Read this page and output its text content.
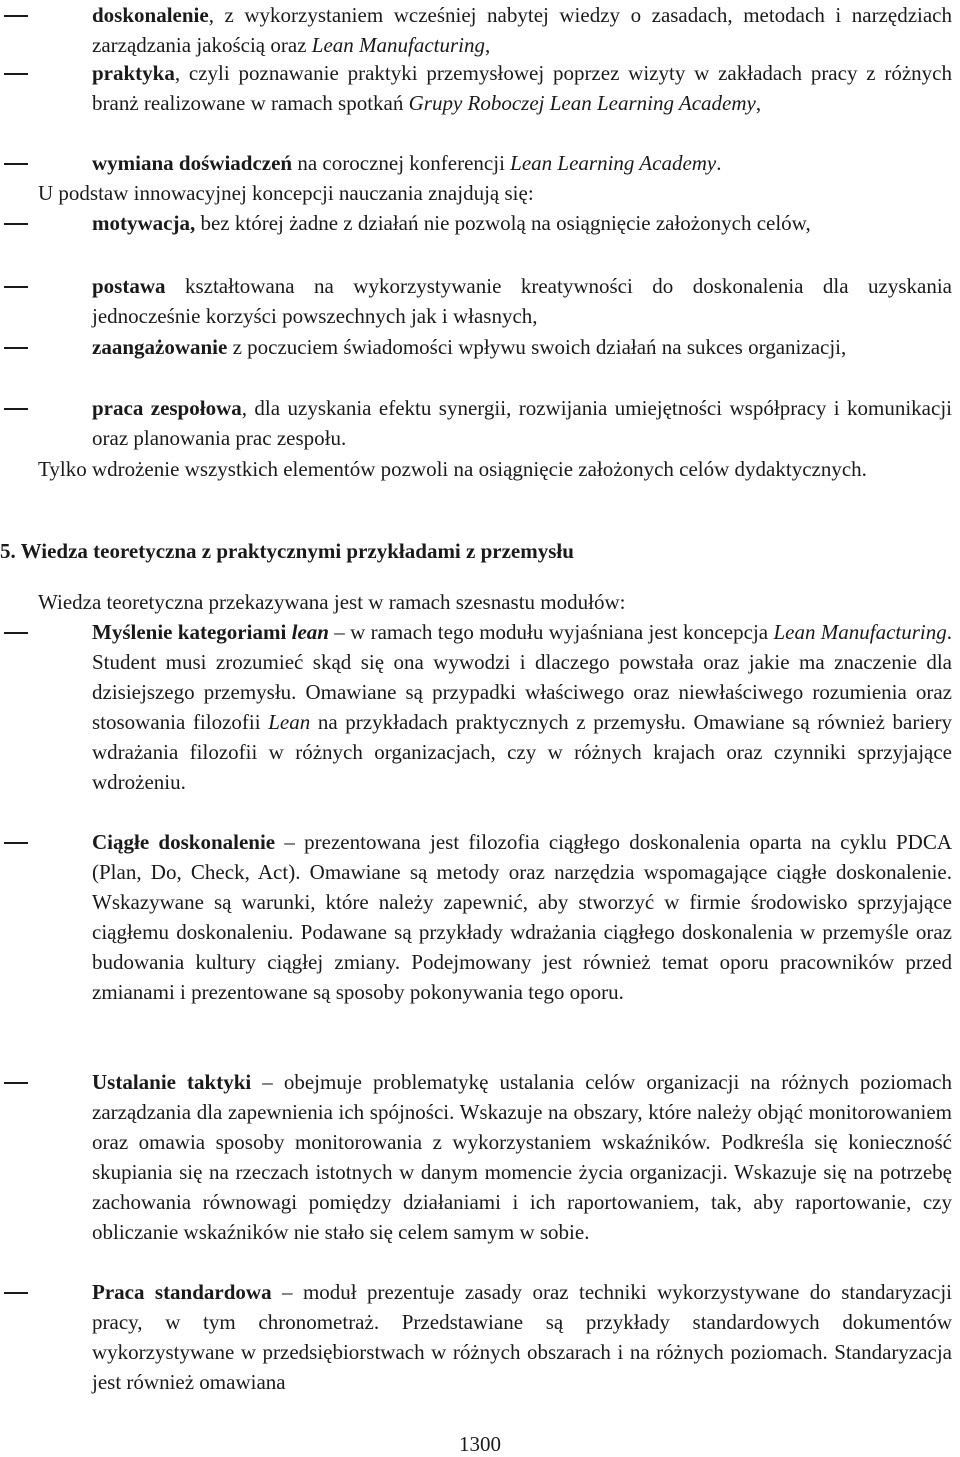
doskonalenie, z wykorzystaniem wcześniej nabytej wiedzy o zasadach, metodach i narzędziach zarządzania jakością oraz Lean Manufacturing,
praktyka, czyli poznawanie praktyki przemysłowej poprzez wizyty w zakładach pracy z różnych branż realizowane w ramach spotkań Grupy Roboczej Lean Learning Academy,
wymiana doświadczeń na corocznej konferencji Lean Learning Academy.
U podstaw innowacyjnej koncepcji nauczania znajdują się:
motywacja, bez której żadne z działań nie pozwolą na osiągnięcie założonych celów,
postawa kształtowana na wykorzystywanie kreatywności do doskonalenia dla uzyskania jednocześnie korzyści powszechnych jak i własnych,
zaangażowanie z poczuciem świadomości wpływu swoich działań na sukces organizacji,
praca zespołowa, dla uzyskania efektu synergii, rozwijania umiejętności współpracy i komunikacji oraz planowania prac zespołu.
Tylko wdrożenie wszystkich elementów pozwoli na osiągnięcie założonych celów dydaktycznych.
5. Wiedza teoretyczna z praktycznymi przykładami z przemysłu
Wiedza teoretyczna przekazywana jest w ramach szesnastu modułów:
Myślenie kategoriami lean – w ramach tego modułu wyjaśniana jest koncepcja Lean Manufacturing. Student musi zrozumieć skąd się ona wywodzi i dlaczego powstała oraz jakie ma znaczenie dla dzisiejszego przemysłu. Omawiane są przypadki właściwego oraz niewłaściwego rozumienia oraz stosowania filozofii Lean na przykładach praktycznych z przemysłu. Omawiane są również bariery wdrażania filozofii w różnych organizacjach, czy w różnych krajach oraz czynniki sprzyjające wdrożeniu.
Ciągłe doskonalenie – prezentowana jest filozofia ciągłego doskonalenia oparta na cyklu PDCA (Plan, Do, Check, Act). Omawiane są metody oraz narzędzia wspomagające ciągłe doskonalenie. Wskazywane są warunki, które należy zapewnić, aby stworzyć w firmie środowisko sprzyjające ciągłemu doskonaleniu. Podawane są przykłady wdrażania ciągłego doskonalenia w przemyśle oraz budowania kultury ciągłej zmiany. Podejmowany jest również temat oporu pracowników przed zmianami i prezentowane są sposoby pokonywania tego oporu.
Ustalanie taktyki – obejmuje problematykę ustalania celów organizacji na różnych poziomach zarządzania dla zapewnienia ich spójności. Wskazuje na obszary, które należy objąć monitorowaniem oraz omawia sposoby monitorowania z wykorzystaniem wskaźników. Podkreśla się konieczność skupiania się na rzeczach istotnych w danym momencie życia organizacji. Wskazuje się na potrzebę zachowania równowagi pomiędzy działaniami i ich raportowaniem, tak, aby raportowanie, czy obliczanie wskaźników nie stało się celem samym w sobie.
Praca standardowa – moduł prezentuje zasady oraz techniki wykorzystywane do standaryzacji pracy, w tym chronometraż. Przedstawiane są przykłady standardowych dokumentów wykorzystywane w przedsiębiorstwach w różnych obszarach i na różnych poziomach. Standaryzacja jest również omawiana
1300
